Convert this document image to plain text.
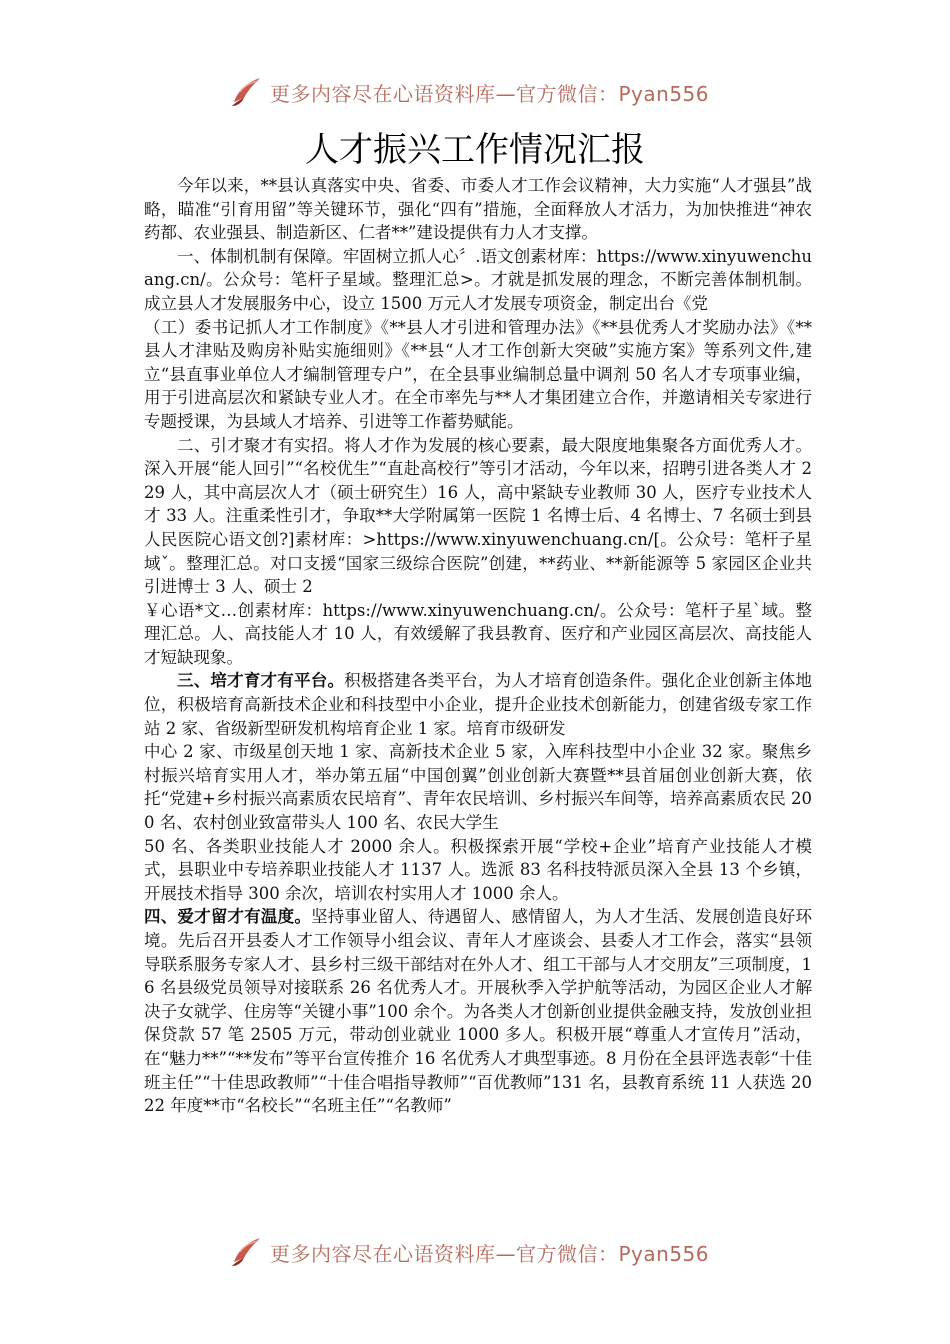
更多内容尽在心语资料库—官方微信：Pyan556
人才振兴工作情况汇报

今年以来，**县认真落实中央、省委、市委人才工作会议精神，大力实施“人才强县”战略，瞄准“引育用留”等关键环节，强化“四有”措施，全面释放人才活力，为加快推进“神农药都、农业强县、制造新区、仁者**”建设提供有力人才支撑。

一、体制机制有保障。牢固树立抓人心〞.语文创素材库：https://www.xinyuwenchuang.cn/。公众号：笔杆子星域。整理汇总>。才就是抓发展的理念，不断完善体制机制。成立县人才发展服务中心，设立 1500 万元人才发展专项资金，制定出台《党

（工）委书记抓人才工作制度》《**县人才引进和管理办法》《**县优秀人才奖励办法》《**县人才津贴及购房补贴实施细则》《**县“人才工作创新大突破”实施方案》等系列文件,建立“县直事业单位人才编制管理专户”，在全县事业编制总量中调剂 50 名人才专项事业编，用于引进高层次和紧缺专业人才。在全市率先与**人才集团建立合作，并邀请相关专家进行专题授课，为县域人才培养、引进等工作蓄势赋能。

二、引才聚才有实招。将人才作为发展的核心要素，最大限度地集聚各方面优秀人才。深入开展“能人回引”“名校优生”“直赴高校行”等引才活动，今年以来，招聘引进各类人才 229 人，其中高层次人才（硕士研究生）16 人，高中紧缺专业教师 30 人，医疗专业技术人才 33 人。注重柔性引才，争取**大学附属第一医院 1 名博士后、4 名博士、7 名硕士到县人民医院心语文创?]素材库：>https://www.xinyuwenchuang.cn/[。公众号：笔杆子星域ˇ。整理汇总。对口支援“国家三级综合医院”创建，**药业、**新能源等 5 家园区企业共引进博士 3 人、硕士 2

￥心语*文…创素材库：https://www.xinyuwenchuang.cn/。公众号：笔杆子星`域。整理汇总。人、高技能人才 10 人，有效缓解了我县教育、医疗和产业园区高层次、高技能人才短缺现象。

三、培才育才有平台。积极搭建各类平台，为人才培育创造条件。强化企业创新主体地位，积极培育高新技术企业和科技型中小企业，提升企业技术创新能力，创建省级专家工作站 2 家、省级新型研发机构培育企业 1 家。培育市级研发

中心 2 家、市级星创天地 1 家、高新技术企业 5 家，入库科技型中小企业 32 家。聚焦乡村振兴培育实用人才，举办第五届“中国创翼”创业创新大赛暨**县首届创业创新大赛，依托“党建+乡村振兴高素质农民培育”、青年农民培训、乡村振兴车间等，培养高素质农民 200 名、农村创业致富带头人 100 名、农民大学生

50 名、各类职业技能人才 2000 余人。积极探索开展“学校+企业”培育产业技能人才模式，县职业中专培养职业技能人才 1137 人。选派 83 名科技特派员深入全县 13 个乡镇，开展技术指导 300 余次，培训农村实用人才 1000 余人。

四、爱才留才有温度。坚持事业留人、待遇留人、感情留人，为人才生活、发展创造良好环境。先后召开县委人才工作领导小组会议、青年人才座谈会、县委人才工作会，落实“县领导联系服务专家人才、县乡村三级干部结对在外人才、组工干部与人才交朋友”三项制度，16 名县级党员领导对接联系 26 名优秀人才。开展秋季入学护航等活动，为园区企业人才解决子女就学、住房等“关键小事”100 余个。为各类人才创新创业提供金融支持，发放创业担保贷款 57 笔 2505 万元，带动创业就业 1000 多人。积极开展“尊重人才宣传月”活动，在“魅力**”“**发布”等平台宣传推介 16 名优秀人才典型事迹。8 月份在全县评选表彰“十佳班主任”“十佳思政教师”“十佳合唱指导教师”“百优教师”131 名，县教育系统 11 人获选 2022 年度**市“名校长”“名班主任”“名教师”

更多内容尽在心语资料库—官方微信：Pyan556
